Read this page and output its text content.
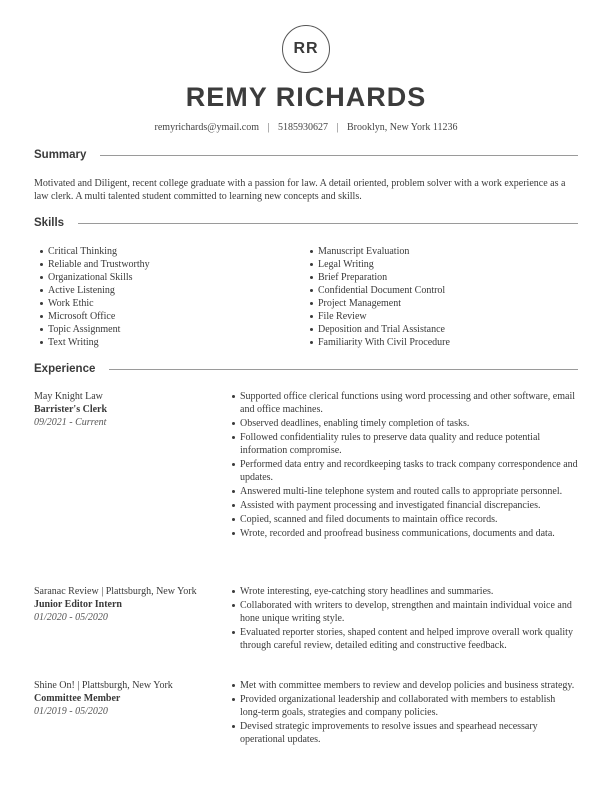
RR
REMY RICHARDS
remyrichards@ymail.com | 5185930627 | Brooklyn, New York 11236
Summary
Motivated and Diligent, recent college graduate with a passion for law. A detail oriented, problem solver with a work experience as a law clerk. A multi talented student committed to learning new concepts and skills.
Skills
Critical Thinking
Reliable and Trustworthy
Organizational Skills
Active Listening
Work Ethic
Microsoft Office
Topic Assignment
Text Writing
Manuscript Evaluation
Legal Writing
Brief Preparation
Confidential Document Control
Project Management
File Review
Deposition and Trial Assistance
Familiarity With Civil Procedure
Experience
May Knight Law
Barrister's Clerk
09/2021 - Current
Supported office clerical functions using word processing and other software, email and office machines.
Observed deadlines, enabling timely completion of tasks.
Followed confidentiality rules to preserve data quality and reduce potential information compromise.
Performed data entry and recordkeeping tasks to track company correspondence and updates.
Answered multi-line telephone system and routed calls to appropriate personnel.
Assisted with payment processing and investigated financial discrepancies.
Copied, scanned and filed documents to maintain office records.
Wrote, recorded and proofread business communications, documents and data.
Saranac Review | Plattsburgh, New York
Junior Editor Intern
01/2020 - 05/2020
Wrote interesting, eye-catching story headlines and summaries.
Collaborated with writers to develop, strengthen and maintain individual voice and hone unique writing style.
Evaluated reporter stories, shaped content and helped improve overall work quality through careful review, detailed editing and constructive feedback.
Shine On! | Plattsburgh, New York
Committee Member
01/2019 - 05/2020
Met with committee members to review and develop policies and business strategy.
Provided organizational leadership and collaborated with members to establish long-term goals, strategies and company policies.
Devised strategic improvements to resolve issues and spearhead necessary operational updates.
